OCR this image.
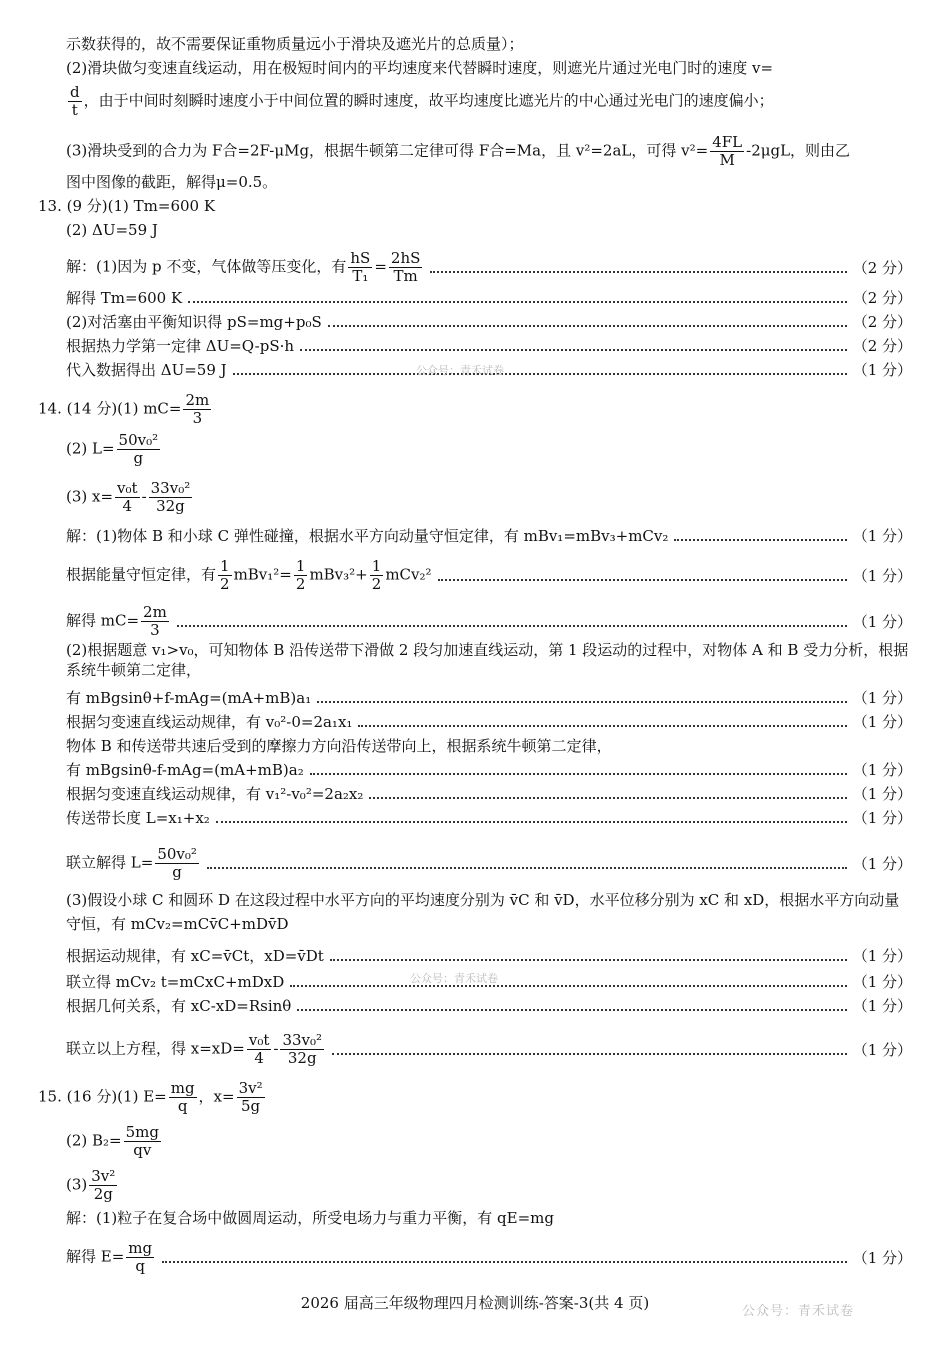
示数获得的，故不需要保证重物质量远小于滑块及遮光片的总质量）；
(2)滑块做匀变速直线运动，用在极短时间内的平均速度来代替瞬时速度，则遮光片通过光电门时的速度 v=
$\frac{d}{t}$ ，由于中间时刻瞬时速度小于中间位置的瞬时速度，故平均速度比遮光片的中心通过光电门的速度偏小；
(3)滑块受到的合力为 F合=2F-μMg，根据牛顿第二定律可得 F合=Ma，且 v²=2aL，可得 $v^2= \frac{4FL}{M} -2\mu gL$，则由乙
图中图像的截距，解得μ=0.5。
13. (9 分)(1) Tm=600 K
(2) ΔU=59 J
解：(1)因为 p 不变，气体做等压变化，有 $\frac{hS}{\text{T₁}} = \frac{2hS}{Tm}$	（2 分）
解得 Tm=600 K	（2 分）
(2)对活塞由平衡知识得 pS=mg+p₀S	（2 分）
根据热力学第一定律 ΔU=Q-pS·h	（2 分）
代入数据得出 ΔU=59 J	（1 分）
14. (14 分)(1) $mC= \frac{2m}{3}$
(2) $L= \frac{\text{50v₀²}}{g}$
(3) $x= \frac{\text{v₀t}}{4} - \frac{\text{33v₀²}}{32g}$
解：(1)物体 B 和小球 C 弹性碰撞，根据水平方向动量守恒定律，有 mBv₁=mBv₃+mCv₂	（1 分）
根据能量守恒定律，有 $\frac{1}{2} mBv_1^2= \frac{1}{2} mBv_3^2+ \frac{1}{2} mCv_2^2$	（1 分）
解得 $mC= \frac{2m}{3}$	（1 分）
(2)根据题意 v₁>v₀，可知物体 B 沿传送带下滑做 2 段匀加速直线运动，第 1 段运动的过程中，对物体 A 和 B 受力分析，根据系统牛顿第二定律，
有 mBgsinθ+f-mAg=(mA+mB)a₁	（1 分）
根据匀变速直线运动规律，有 v₀²-0=2a₁x₁	（1 分）
物体 B 和传送带共速后受到的摩擦力方向沿传送带向上，根据系统牛顿第二定律，
有 mBgsinθ-f-mAg=(mA+mB)a₂	（1 分）
根据匀变速直线运动规律，有 v₁²-v₀²=2a₂x₂	（1 分）
传送带长度 L=x₁+x₂	（1 分）
联立解得 $L= \frac{\text{50v₀²}}{g}$	（1 分）
(3)假设小球 C 和圆环 D 在这段过程中水平方向的平均速度分别为 v̄C 和 v̄D，水平位移分别为 xC 和 xD，根据水平方向动量守恒，有 mCv₂=mCv̄C+mDv̄D
根据运动规律，有 xC=v̄Ct，xD=v̄Dt	（1 分）
联立得 mCv₂ t=mCxC+mDxD	（1 分）
根据几何关系，有 xC-xD=Rsinθ	（1 分）
联立以上方程，得 $x=xD= \frac{\text{v₀t}}{4} - \frac{\text{33v₀²}}{32g}$	（1 分）
15. (16 分)(1) $E= \frac{mg}{q}$ ，$x= \frac{\text{3v²}}{5g}$
(2) $B_2= \frac{5mg}{qv}$
$(3) \frac{\text{3v²}}{2g}$
解：(1)粒子在复合场中做圆周运动，所受电场力与重力平衡，有 qE=mg
解得 $E= \frac{mg}{q}$	（1 分）
2026 届高三年级物理四月检测训练-答案-3(共 4 页)
公众号：青禾试卷
公众号：青禾试卷
公众号：青禾试卷
